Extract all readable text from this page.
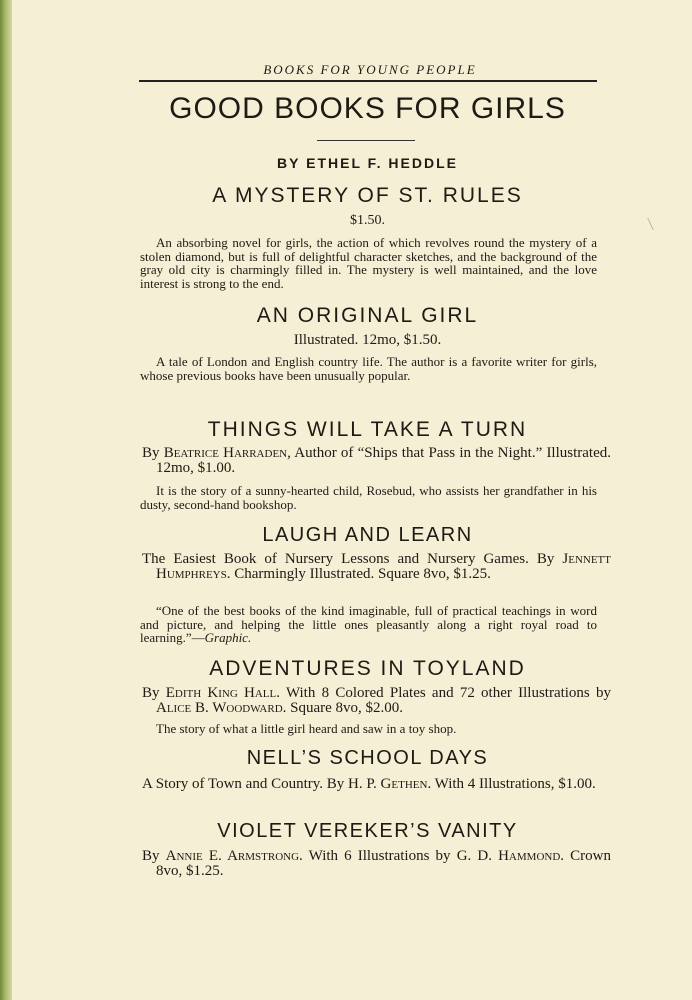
BOOKS FOR YOUNG PEOPLE
GOOD BOOKS FOR GIRLS
BY ETHEL F. HEDDLE
A MYSTERY OF ST. RULES
$1.50.

An absorbing novel for girls, the action of which revolves round the mystery of a stolen diamond, but is full of delightful character sketches, and the background of the gray old city is charmingly filled in. The mystery is well maintained, and the love interest is strong to the end.

AN ORIGINAL GIRL
Illustrated. 12mo, $1.50.

A tale of London and English country life. The author is a favorite writer for girls, whose previous books have been unusually popular.

THINGS WILL TAKE A TURN

By Beatrice Harraden, Author of “Ships that Pass in the Night.” Illustrated. 12mo, $1.00.

It is the story of a sunny-hearted child, Rosebud, who assists her grandfather in his dusty, second-hand bookshop.

LAUGH AND LEARN

The Easiest Book of Nursery Lessons and Nursery Games. By Jennett Humphreys. Charmingly Illustrated. Square 8vo, $1.25.

“One of the best books of the kind imaginable, full of practical teachings in word and picture, and helping the little ones pleasantly along a right royal road to learning.”—Graphic.

ADVENTURES IN TOYLAND

By Edith King Hall. With 8 Colored Plates and 72 other Illustrations by Alice B. Woodward. Square 8vo, $2.00.

The story of what a little girl heard and saw in a toy shop.

NELL’S SCHOOL DAYS

A Story of Town and Country. By H. P. Gethen. With 4 Illustrations, $1.00.

VIOLET VEREKER’S VANITY

By Annie E. Armstrong. With 6 Illustrations by G. D. Hammond. Crown 8vo, $1.25.
